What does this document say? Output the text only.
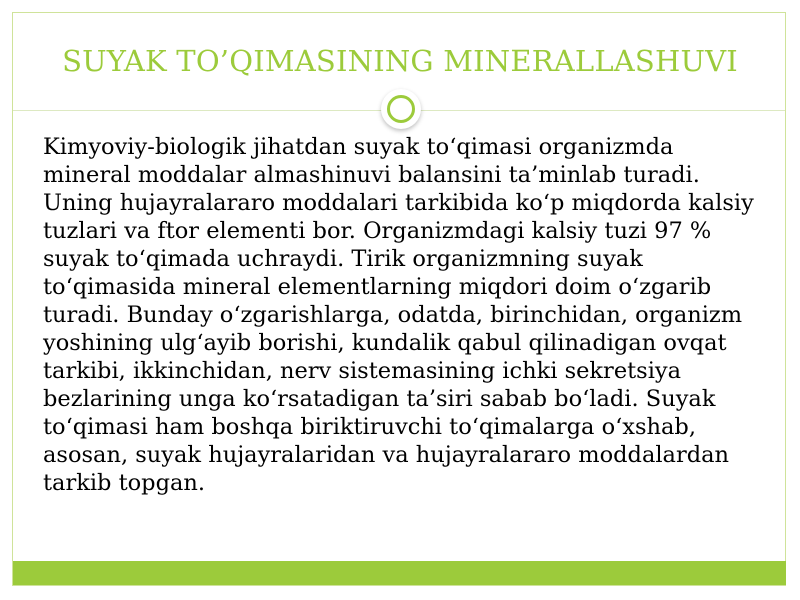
SUYAK TO’QIMASINING MINERALLASHUVI

Kimyoviy-biologik jihatdan suyak to‘qimasi organizmda mineral moddalar almashinuvi balansini ta’minlab turadi. Uning hujayralararo moddalari tarkibida ko‘p miqdorda kalsiy tuzlari va ftor elementi bor. Organizmdagi kalsiy tuzi 97 % suyak to‘qimada uchraydi. Tirik organizmning suyak to‘qimasida mineral elementlarning miqdori doim o‘zgarib turadi. Bunday o‘zgarishlarga, odatda, birinchidan, organizm yoshining ulg‘ayib borishi, kundalik qabul qilinadigan ovqat tarkibi, ikkinchidan, nerv sistemasining ichki sekretsiya bezlarining unga ko‘rsatadigan ta’siri sabab bo‘ladi. Suyak to‘qimasi ham boshqa biriktiruvchi to‘qimalarga o‘xshab, asosan, suyak hujayralaridan va hujayralararo moddalardan tarkib topgan.
